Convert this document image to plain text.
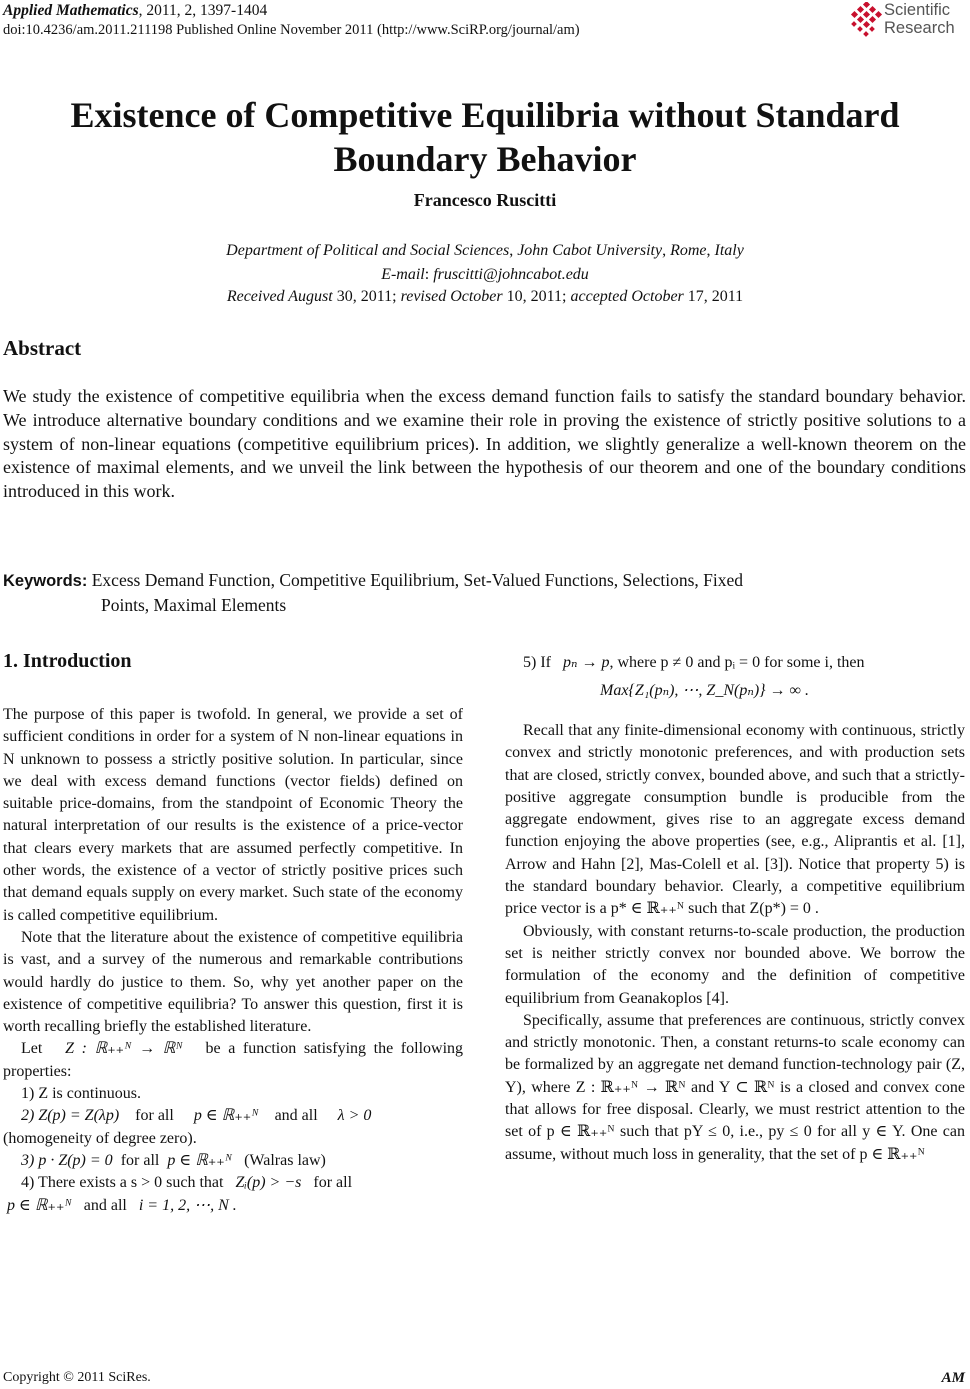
Applied Mathematics, 2011, 2, 1397-1404
doi:10.4236/am.2011.211198 Published Online November 2011 (http://www.SciRP.org/journal/am)
Scientific
Research
Existence of Competitive Equilibria without Standard
Boundary Behavior
Francesco Ruscitti
Department of Political and Social Sciences, John Cabot University, Rome, Italy
E-mail: fruscitti@johncabot.edu
Received August 30, 2011; revised October 10, 2011; accepted October 17, 2011
Abstract
We study the existence of competitive equilibria when the excess demand function fails to satisfy the standard boundary behavior. We introduce alternative boundary conditions and we examine their role in proving the existence of strictly positive solutions to a system of non-linear equations (competitive equilibrium prices). In addition, we slightly generalize a well-known theorem on the existence of maximal elements, and we unveil the link between the hypothesis of our theorem and one of the boundary conditions introduced in this work.
Keywords: Excess Demand Function, Competitive Equilibrium, Set-Valued Functions, Selections, Fixed
Points, Maximal Elements
1. Introduction

The purpose of this paper is twofold. In general, we provide a set of sufficient conditions in order for a system of N non-linear equations in N unknown to possess a strictly positive solution. In particular, since we deal with excess demand functions (vector fields) defined on suitable price-domains, from the standpoint of Economic Theory the natural interpretation of our results is the existence of a price-vector that clears every markets that are assumed perfectly competitive. In other words, the existence of a vector of strictly positive prices such that demand equals supply on every market. Such state of the economy is called competitive equilibrium.

Note that the literature about the existence of competitive equilibria is vast, and a survey of the numerous and remarkable contributions would hardly do justice to them. So, why yet another paper on the existence of competitive equilibria? To answer this question, first it is worth recalling briefly the established literature.

Let Z : ℝ₊₊ᴺ → ℝᴺ be a function satisfying the following properties:

1) Z is continuous.

2) Z(p) = Z(λp) for all p ∈ ℝ₊₊ᴺ and all λ > 0

(homogeneity of degree zero).

3) p · Z(p) = 0 for all p ∈ ℝ₊₊ᴺ (Walras law)

4) There exists a s > 0 such that Zᵢ(p) > −s for all

p ∈ ℝ₊₊ᴺ and all i = 1, 2, ⋯, N .

5) If pₙ → p, where p ≠ 0 and pᵢ = 0 for some i, then
Max{Z₁(pₙ), ⋯, Z_N(pₙ)} → ∞ .

Recall that any finite-dimensional economy with continuous, strictly convex and strictly monotonic preferences, and with production sets that are closed, strictly convex, bounded above, and such that a strictly-positive aggregate consumption bundle is producible from the aggregate endowment, gives rise to an aggregate excess demand function enjoying the above properties (see, e.g., Aliprantis et al. [1], Arrow and Hahn [2], Mas-Colell et al. [3]). Notice that property 5) is the standard boundary behavior. Clearly, a competitive equilibrium price vector is a p* ∈ ℝ₊₊ᴺ such that Z(p*) = 0 .

Obviously, with constant returns-to-scale production, the production set is neither strictly convex nor bounded above. We borrow the formulation of the economy and the definition of competitive equilibrium from Geanakoplos [4].

Specifically, assume that preferences are continuous, strictly convex and strictly monotonic. Then, a constant returns-to scale economy can be formalized by an aggregate net demand function-technology pair (Z, Y), where Z : ℝ₊₊ᴺ → ℝᴺ and Y ⊂ ℝᴺ is a closed and convex cone that allows for free disposal. Clearly, we must restrict attention to the set of p ∈ ℝ₊₊ᴺ such that pY ≤ 0, i.e., py ≤ 0 for all y ∈ Y. One can assume, without much loss in generality, that the set of p ∈ ℝ₊₊ᴺ

Copyright © 2011 SciRes.	AM
